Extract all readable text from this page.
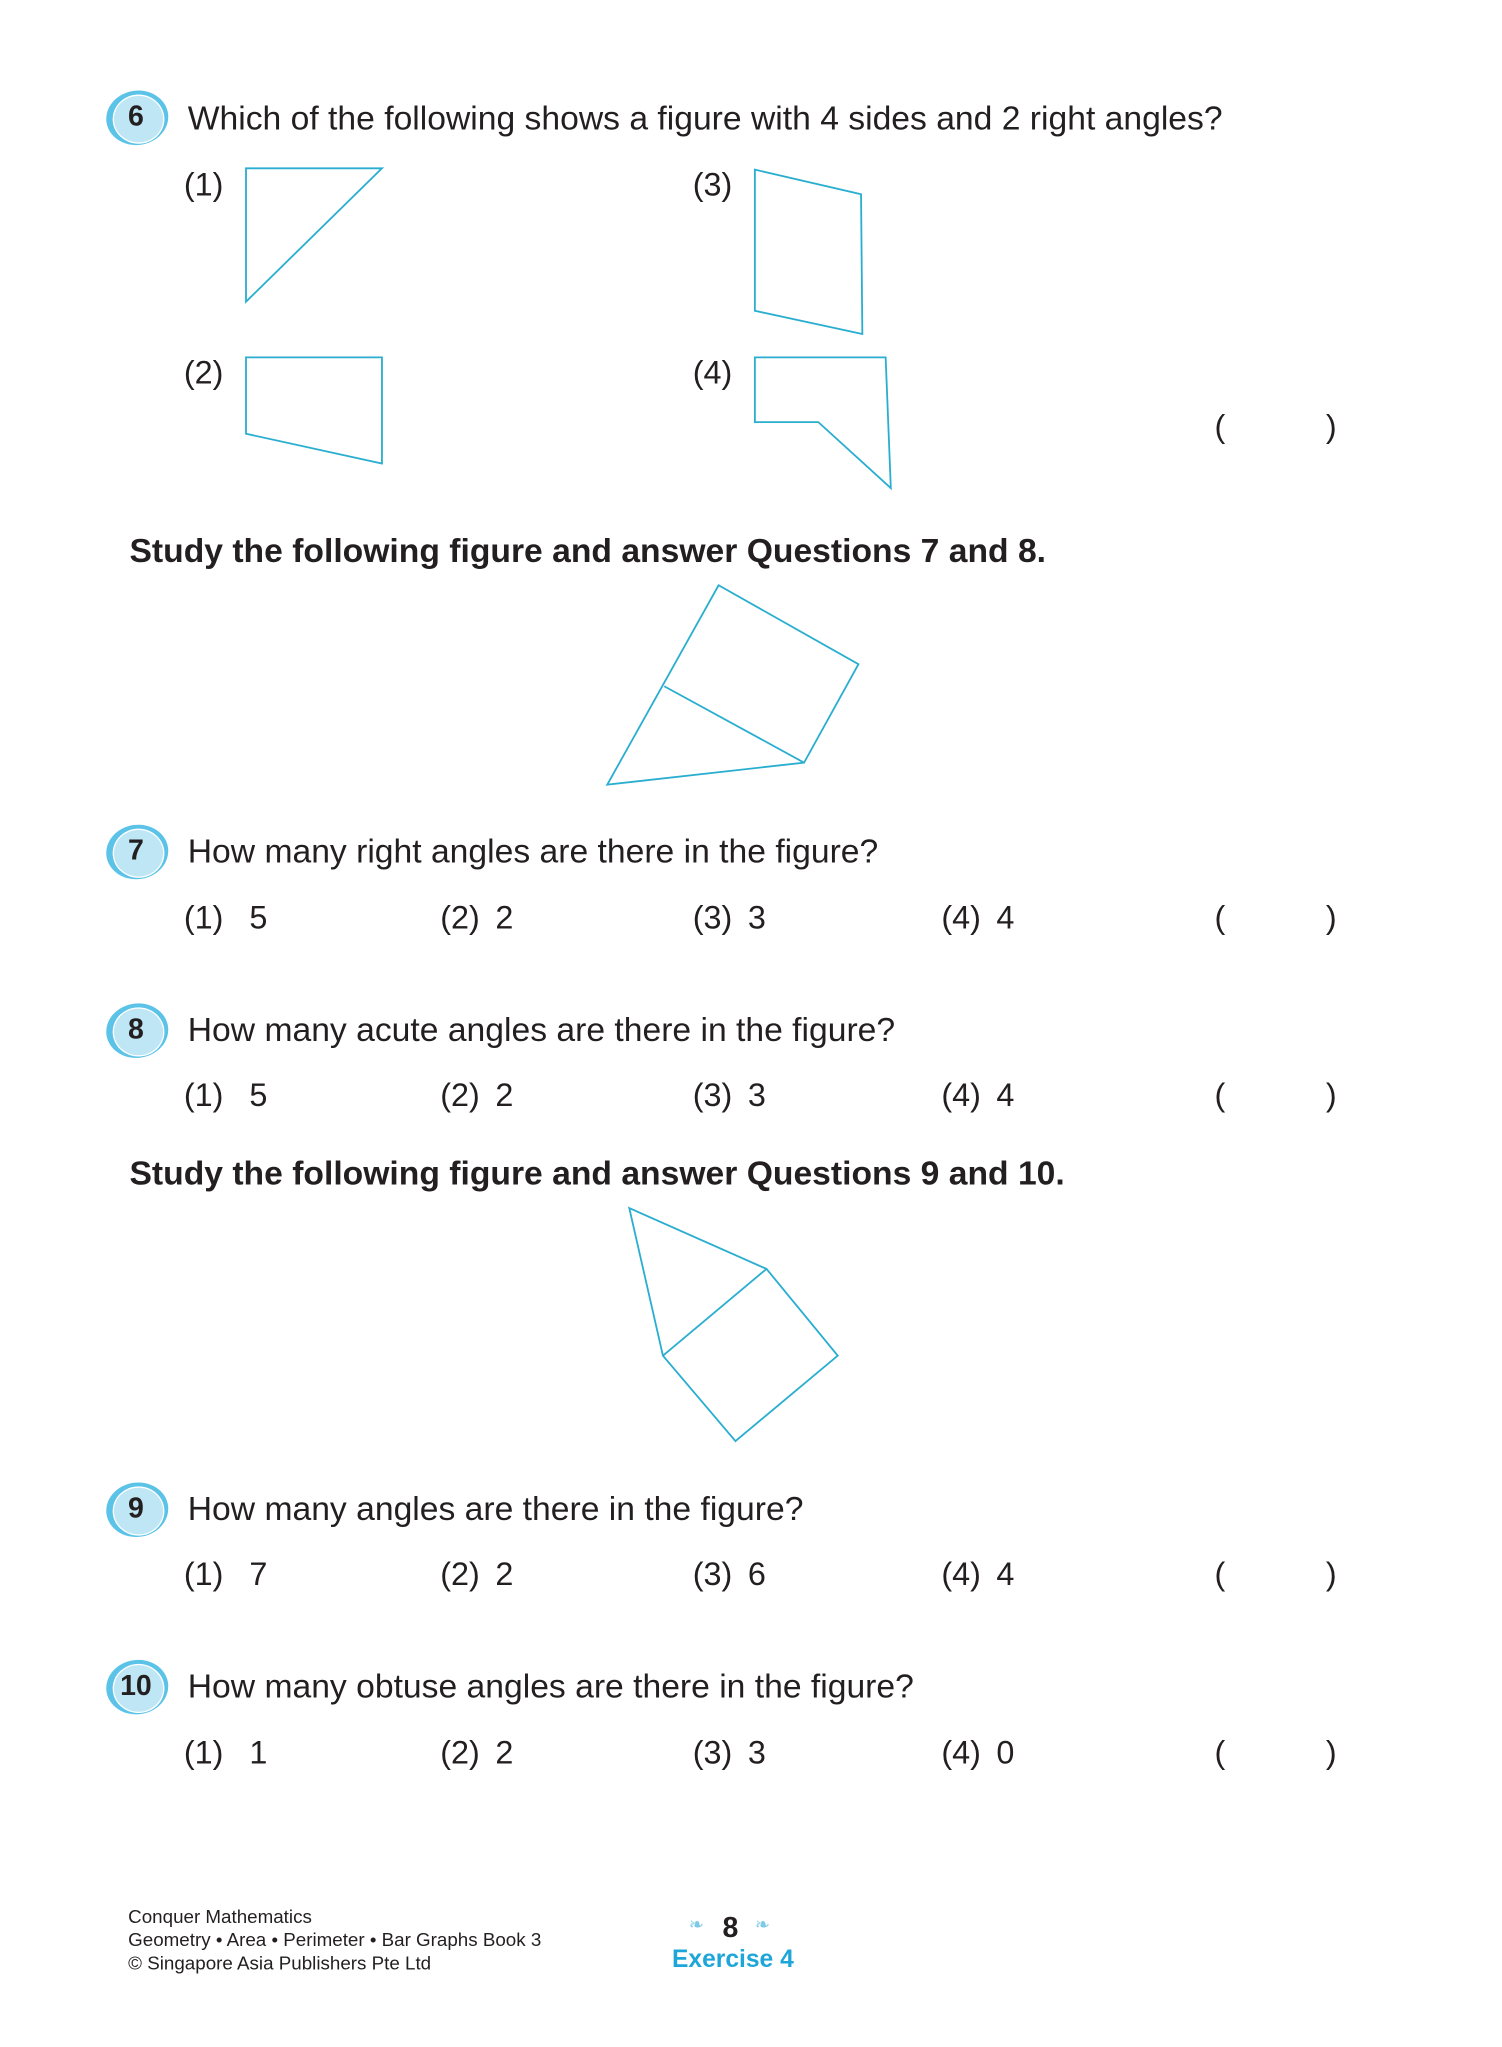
6	Which of the following shows a figure with 4 sides and 2 right angles?
(1)
(2)
(3)
(4)
(	)
Study the following figure and answer Questions 7 and 8.
7	How many right angles are there in the figure?
(1) 5	(2) 2	(3) 3	(4) 4	(	)
8	How many acute angles are there in the figure?
(1) 5	(2) 2	(3) 3	(4) 4	(	)
9	How many angles are there in the figure?
(1) 7	(2) 2	(3) 6	(4) 4	(	)
10	How many obtuse angles are there in the figure?
(1) 1	(2) 2	(3) 3	(4) 0	(	)
Study the following figure and answer Questions 9 and 10.
Conquer Mathematics
Geometry • Area • Perimeter • Bar Graphs Book 3
© Singapore Asia Publishers Pte Ltd
❧ 8 ❧
Exercise 4
